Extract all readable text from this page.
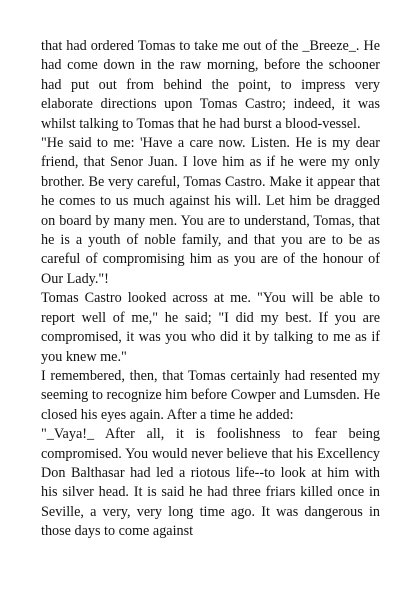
that had ordered Tomas to take me out of the _Breeze_. He had come down in the raw morning, before the schooner had put out from behind the point, to impress very elaborate directions upon Tomas Castro; indeed, it was whilst talking to Tomas that he had burst a blood-vessel.

"He said to me: 'Have a care now. Listen. He is my dear friend, that Senor Juan. I love him as if he were my only brother. Be very careful, Tomas Castro. Make it appear that he comes to us much against his will. Let him be dragged on board by many men. You are to understand, Tomas, that he is a youth of noble family, and that you are to be as careful of compromising him as you are of the honour of Our Lady."!

Tomas Castro looked across at me. "You will be able to report well of me," he said; "I did my best. If you are compromised, it was you who did it by talking to me as if you knew me."

I remembered, then, that Tomas certainly had resented my seeming to recognize him before Cowper and Lumsden. He closed his eyes again. After a time he added:

"_Vaya!_ After all, it is foolishness to fear being compromised. You would never believe that his Excellency Don Balthasar had led a riotous life--to look at him with his silver head. It is said he had three friars killed once in Seville, a very, very long time ago. It was dangerous in those days to come against
